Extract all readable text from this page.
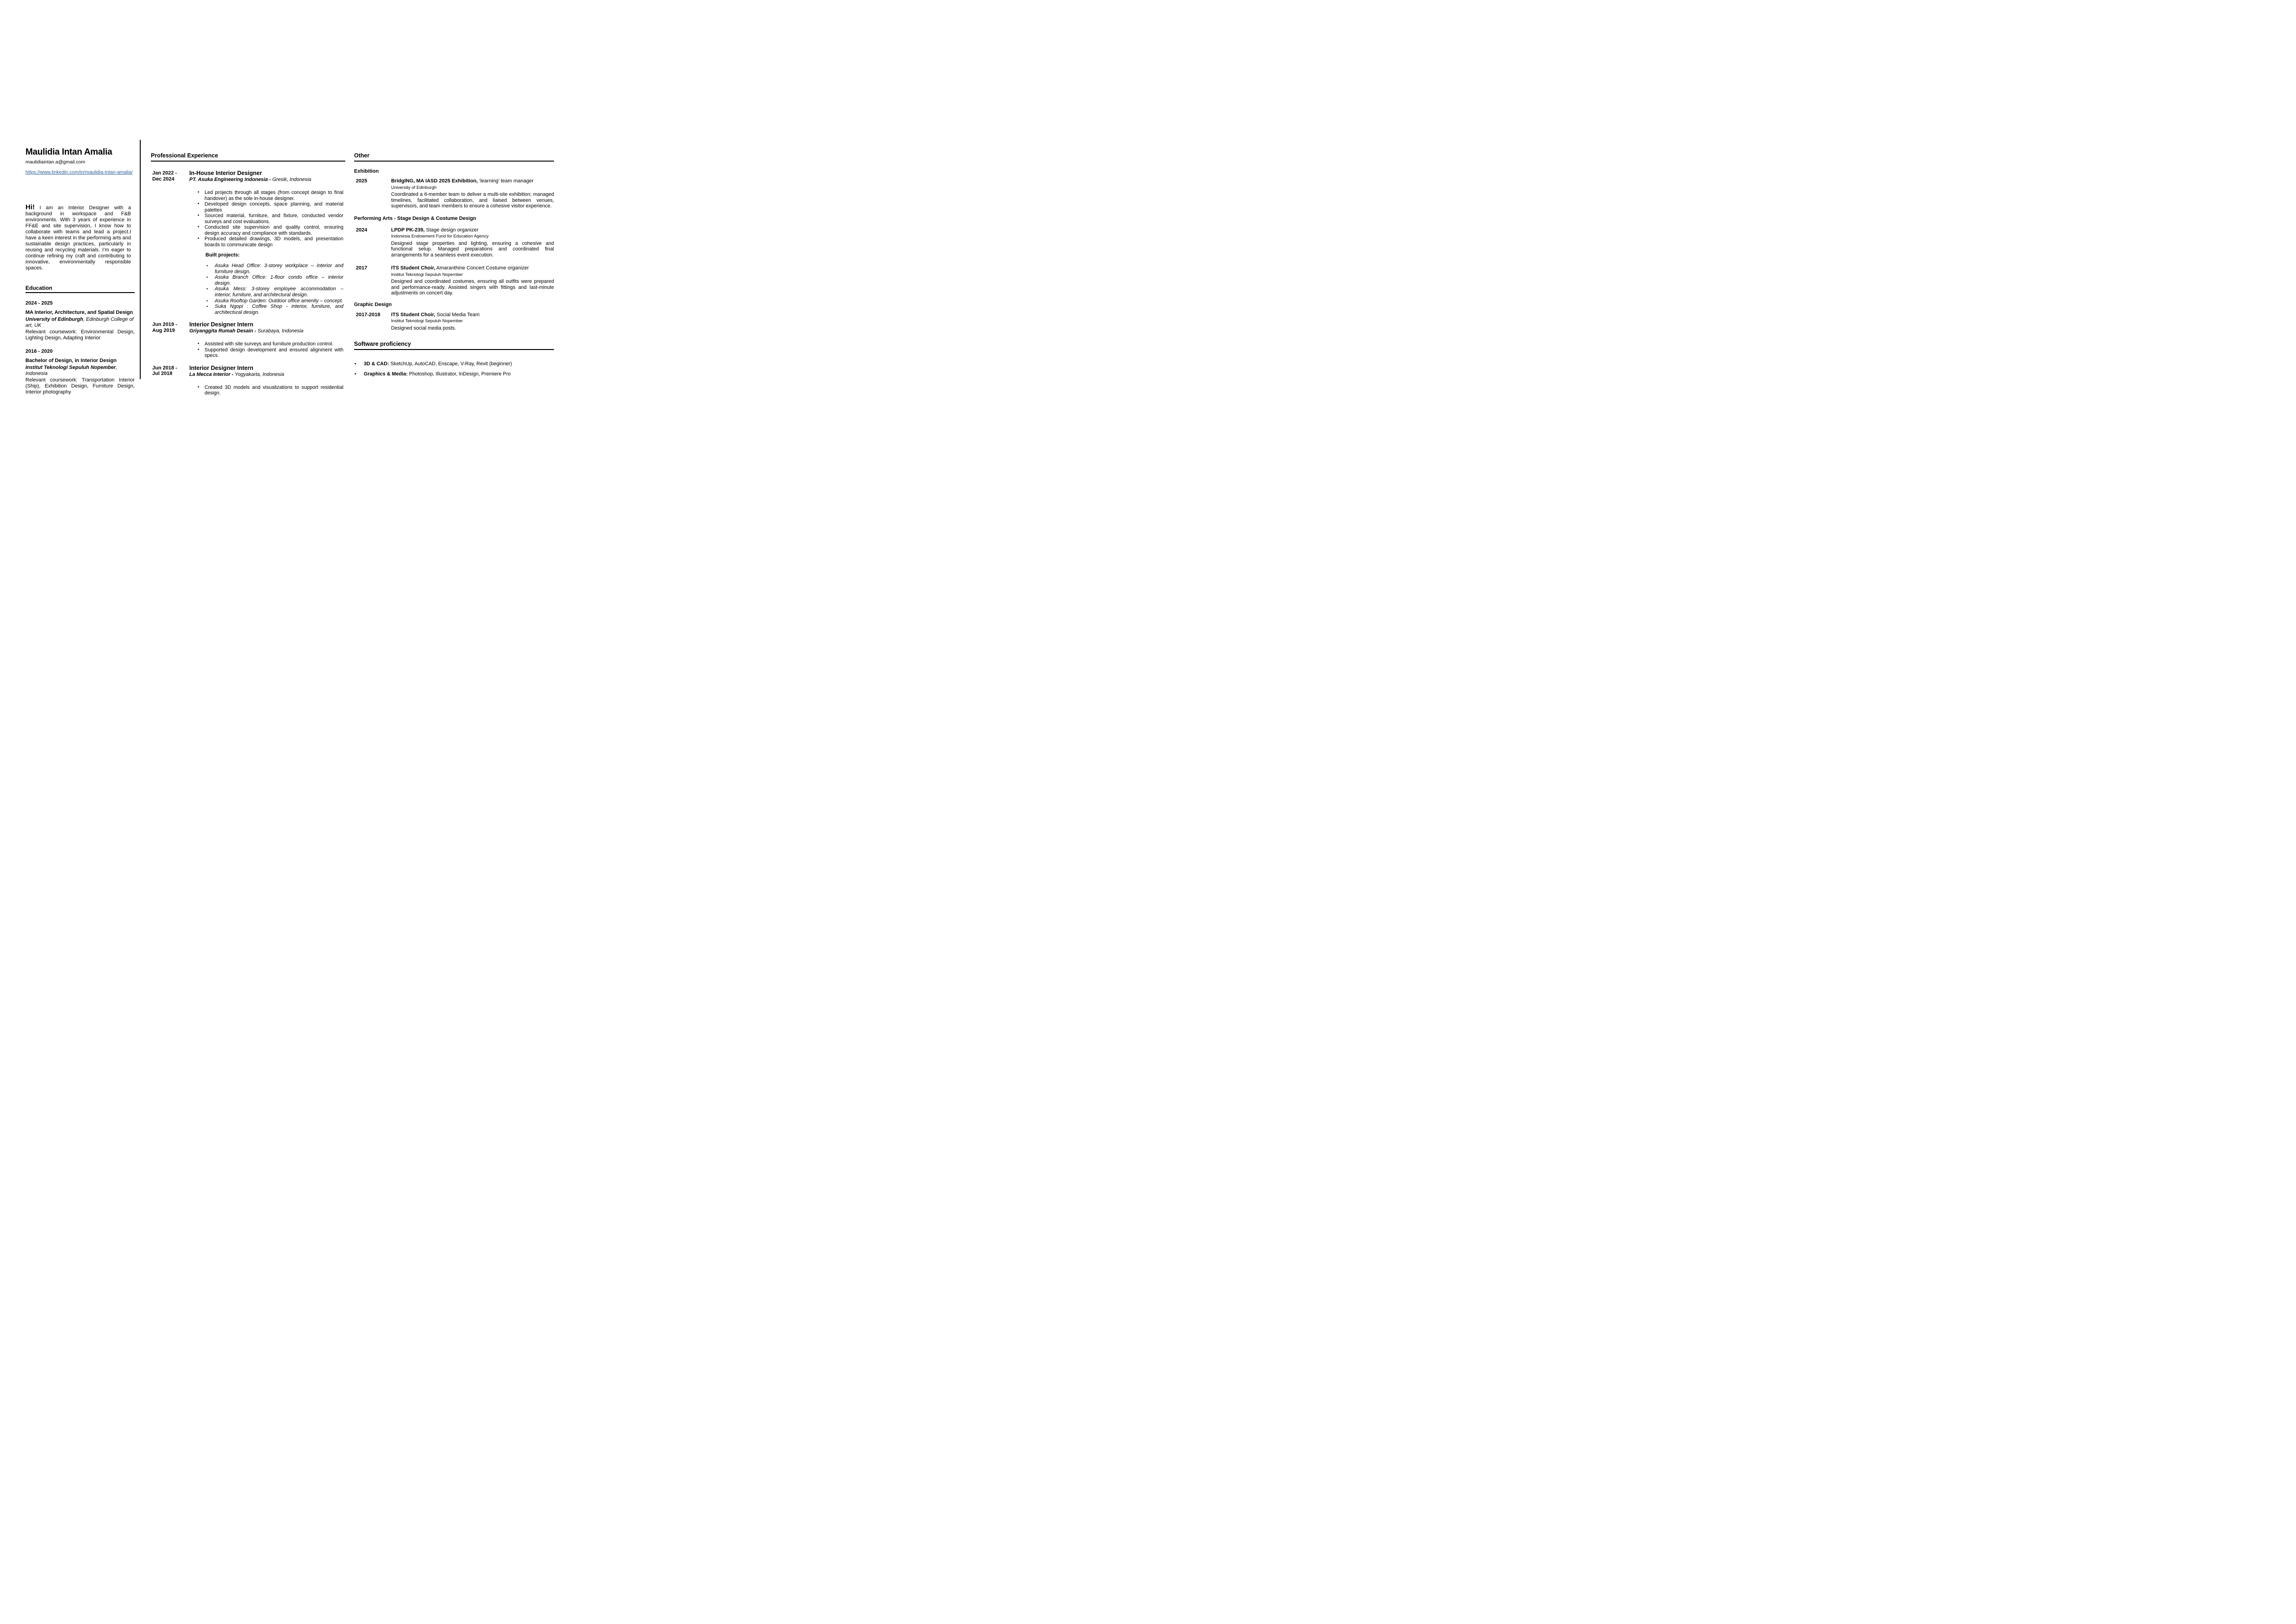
Maulidia Intan Amalia
maulidiaintan.a@gmail.com
https://www.linkedin.com/in/maulidia-intan-amalia/

Hi! I am an Interior Designer with a background in workspace and F&B environments. With 3 years of experience in FF&E and site supervision, I know how to collaborate with teams and lead a project.I have a keen interest in the performing arts and sustainable design practices, particularly in reusing and recycling materials. I’m eager to continue refining my craft and contributing to innovative, environmentally responsible spaces.

Education
2024 - 2025
MA Interior, Architecture, and Spatial Design
University of Edinburgh, Edinburgh College of art, UK
Relevant coursework: Environmental Design, Lighting Design, Adapting Interior
2016 - 2020
Bachelor of Design, in Interior Design
Institut Teknologi Sepuluh Nopember, Indonesia
Relevant coursework: Transportation Interior (Ship), Exhibition Design, Furniture Design, Interior photography
Professional Experience
Jan 2022 -
Dec 2024
In-House Interior Designer
PT. Asuka Engineering Indonesia - Gresik, Indonesia
• Led projects through all stages (from concept design to final handover) as the sole in-house designer.
• Developed design concepts, space planning, and material palettes
• Sourced material, furniture, and fixture, conducted vendor surveys and cost evaluations.
• Conducted site supervision and quality control, ensuring design accuracy and compliance with standards.
• Produced detailed drawings, 3D models, and presentation boards to communicate design
Built projects:
• Asuka Head Office: 3-storey workplace – interior and furniture design.
• Asuka Branch Office: 1-floor condo office – interior design.
• Asuka Mess: 3-storey employee accommodation – interior, furniture, and architectural design.
• Asuka Rooftop Garden: Outdoor office amenity – concept.
• Suka Ngopi : Coffee Shop - interior, furniture, and architectural design.
Jun 2019 -
Aug 2019
Interior Designer Intern
Griyanggita Rumah Desain - Surabaya, Indonesia
• Assisted with site surveys and furniture production control.
• Supported design development and ensured alignment with specs.
Jun 2018 -
Jul 2018
Interior Designer Intern
La Mecca Interior - Yogyakarta, Indonesia
• Created 3D models and visualizations to support residential design.
Other
Exhibition
2025	BridgING, MA IASD 2025 Exhibition, ‘learning’ team manager
University of Edinburgh
Coordinated a 6-member team to deliver a multi-site exhibition; managed timelines, facilitated collaboration, and liaised between venues, supervisors, and team members to ensure a cohesive visitor experience.
Performing Arts - Stage Design & Costume Design
2024	LPDP PK-239, Stage design organizer
Indonesia Endowment Fund for Education Agency
Designed stage properties and lighting, ensuring a cohesive and functional setup. Managed preparations and coordinated final arrangements for a seamless event execution.
2017	ITS Student Choir, Amaranthine Concert Costume organizer
Institut Teknologi Sepuluh Nopember
Designed and coordinated costumes, ensuring all outfits were prepared and performance-ready. Assisted singers with fittings and last-minute adjustments on concert day.
Graphic Design
2017-2018	ITS Student Choir, Social Media Team
Institut Teknologi Sepuluh Nopember
Designed social media posts.
Software proficiency
• 3D & CAD: SketchUp, AutoCAD, Enscape, V-Ray, Revit (beginner)
• Graphics & Media: Photoshop, Illustrator, InDesign, Premiere Pro
